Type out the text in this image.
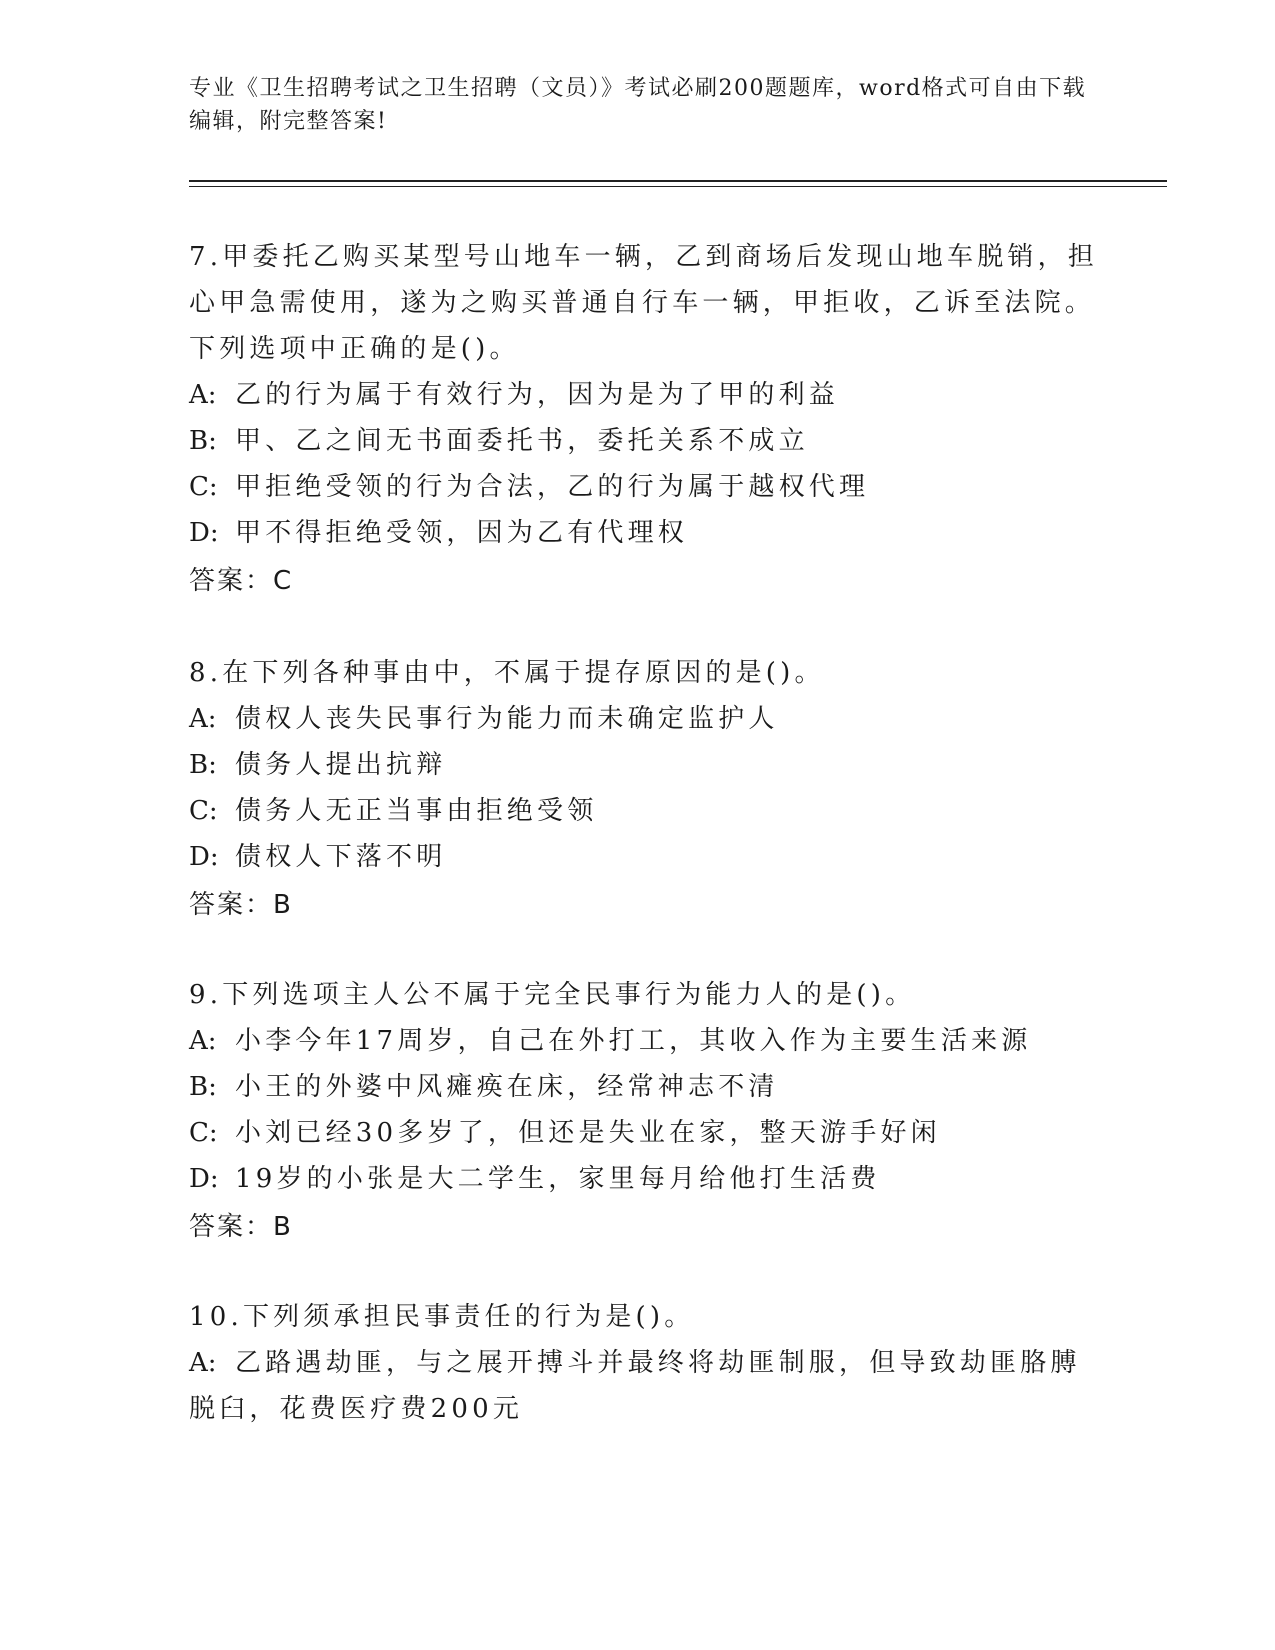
专业《卫生招聘考试之卫生招聘（文员）》考试必刷200题题库，word格式可自由下载编辑，附完整答案!
7.甲委托乙购买某型号山地车一辆，乙到商场后发现山地车脱销，担心甲急需使用，遂为之购买普通自行车一辆，甲拒收，乙诉至法院。下列选项中正确的是()。
A: 乙的行为属于有效行为，因为是为了甲的利益
B: 甲、乙之间无书面委托书，委托关系不成立
C: 甲拒绝受领的行为合法，乙的行为属于越权代理
D: 甲不得拒绝受领，因为乙有代理权
答案：C
8.在下列各种事由中，不属于提存原因的是()。
A: 债权人丧失民事行为能力而未确定监护人
B: 债务人提出抗辩
C: 债务人无正当事由拒绝受领
D: 债权人下落不明
答案：B
9.下列选项主人公不属于完全民事行为能力人的是()。
A: 小李今年17周岁，自己在外打工，其收入作为主要生活来源
B: 小王的外婆中风瘫痪在床，经常神志不清
C: 小刘已经30多岁了，但还是失业在家，整天游手好闲
D: 19岁的小张是大二学生，家里每月给他打生活费
答案：B
10.下列须承担民事责任的行为是()。
A: 乙路遇劫匪，与之展开搏斗并最终将劫匪制服，但导致劫匪胳膊脱臼，花费医疗费200元
